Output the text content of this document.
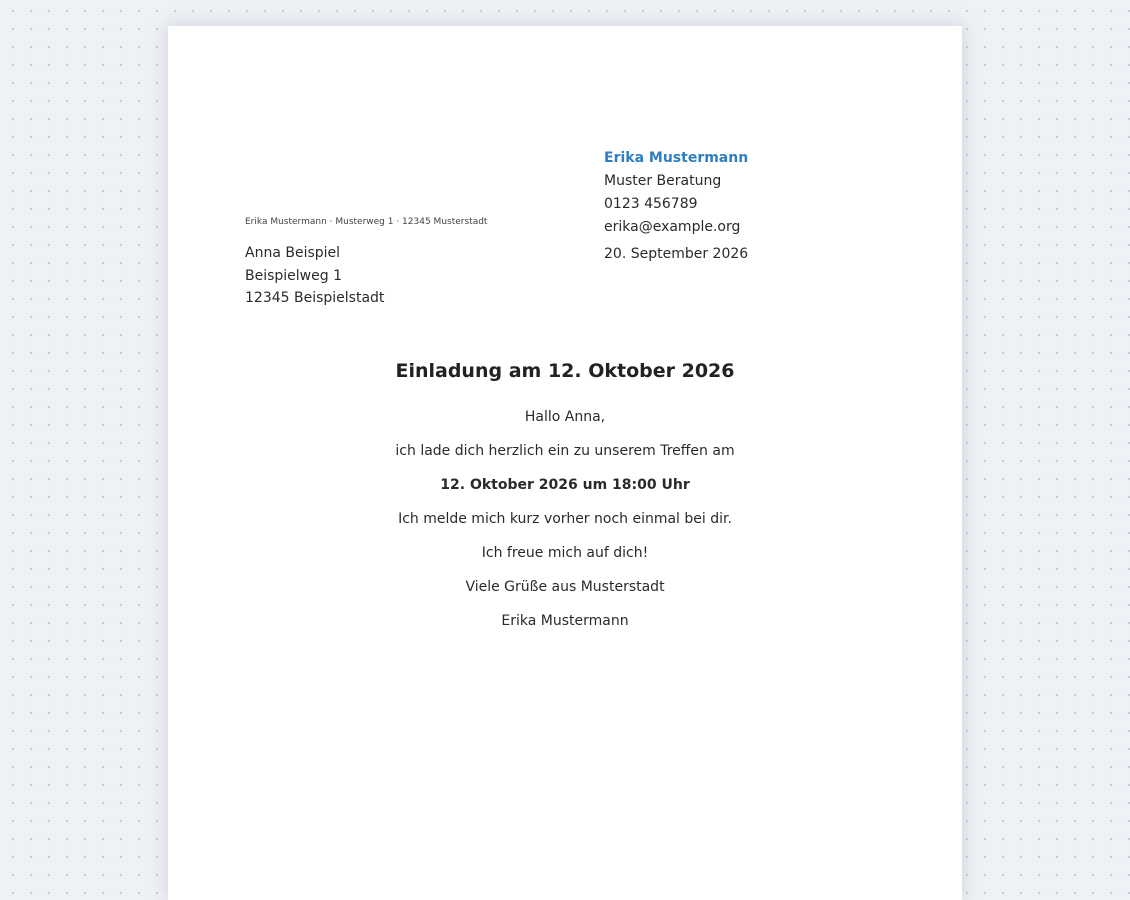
Erika Mustermann · Musterweg 1 · 12345 Musterstadt
Anna Beispiel
Beispielweg 1
12345 Beispielstadt
Erika Mustermann
Muster Beratung
0123 456789
erika@example.org
20. September 2026
Einladung am 12. Oktober 2026

Hallo Anna,

ich lade dich herzlich ein zu unserem Treffen am

12. Oktober 2026 um 18:00 Uhr

Ich melde mich kurz vorher noch einmal bei dir.

Ich freue mich auf dich!

Viele Grüße aus Musterstadt

Erika Mustermann
